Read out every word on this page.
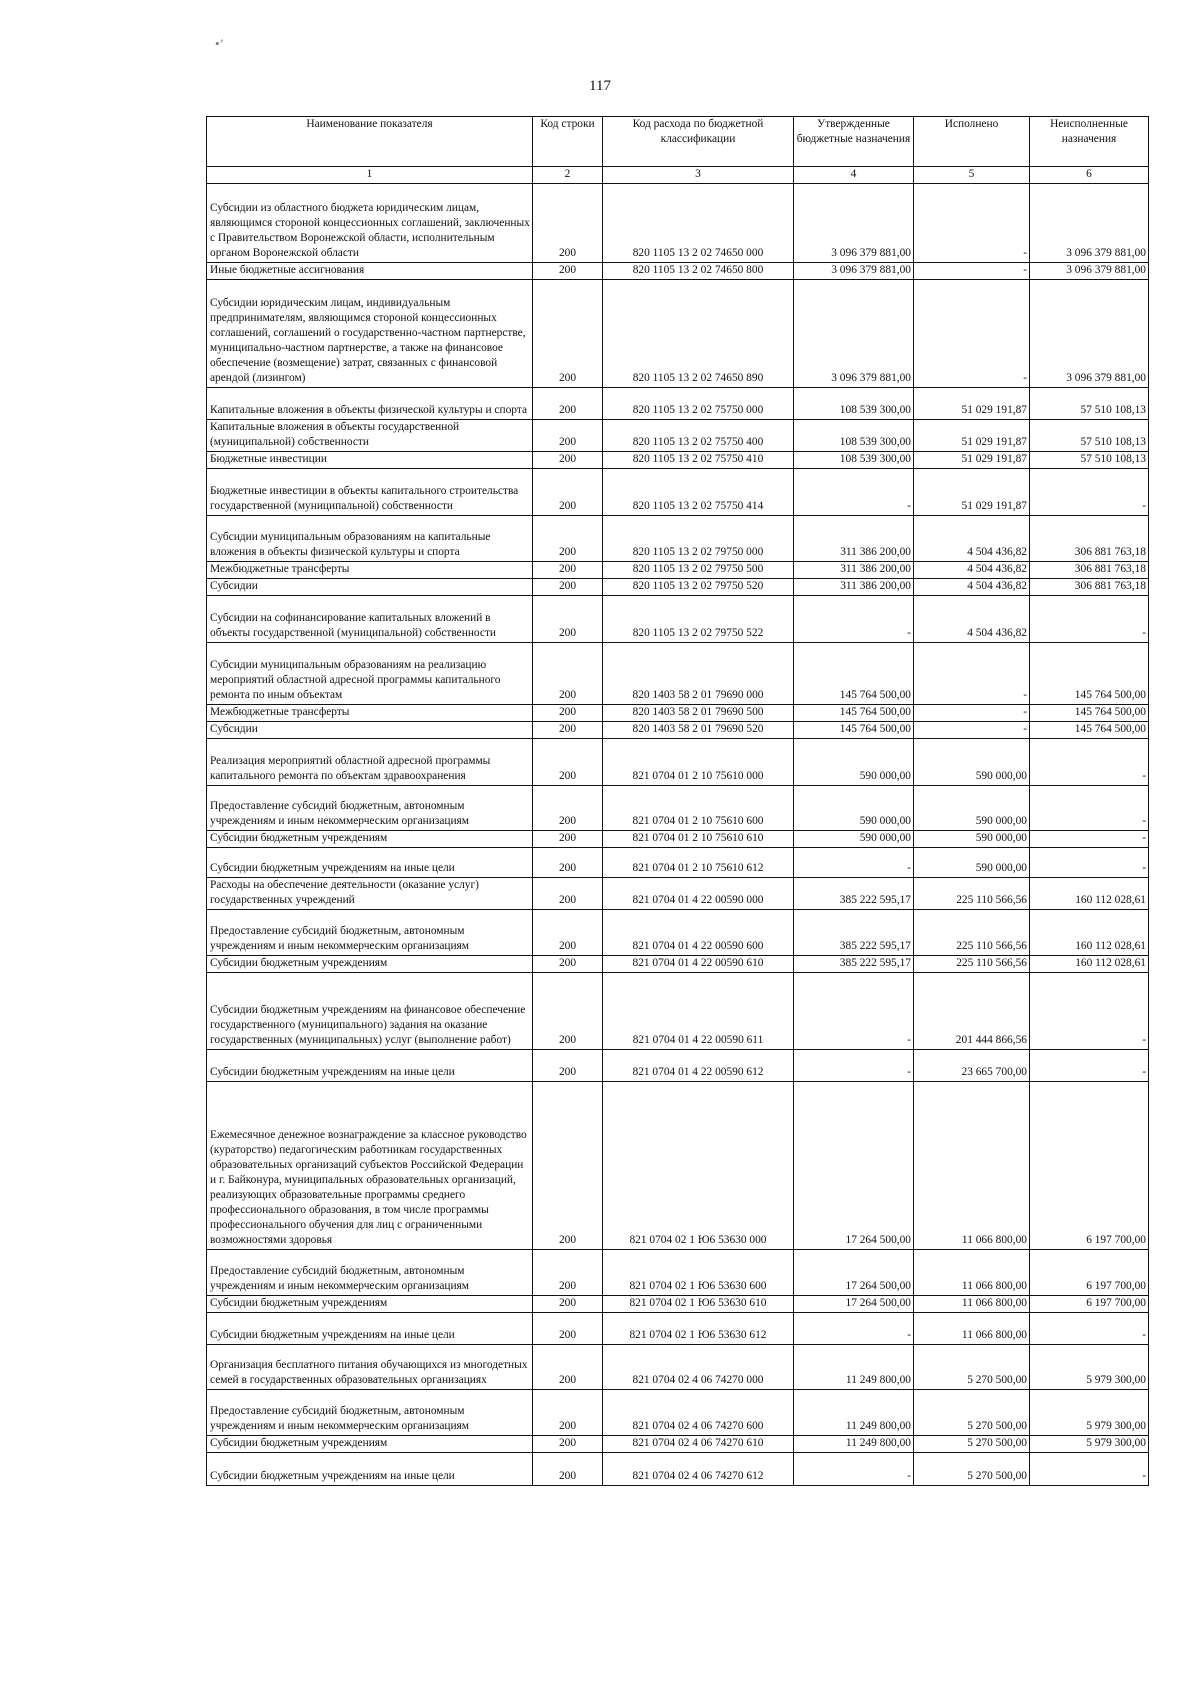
•’
117
Наименование показателя	Код строки	Код расхода по бюджетной классификации	Утвержденные бюджетные назначения	Исполнено	Неисполненные назначения
1	2	3	4	5	6
Субсидии из областного бюджета юридическим лицам, являющимся стороной концессионных соглашений, заключенных с Правительством Воронежской области, исполнительным органом Воронежской области	200	820 1105 13 2 02 74650 000	3 096 379 881,00	-	3 096 379 881,00
Иные бюджетные ассигнования	200	820 1105 13 2 02 74650 800	3 096 379 881,00	-	3 096 379 881,00
Субсидии юридическим лицам, индивидуальным предпринимателям, являющимся стороной концессионных соглашений, соглашений о государственно-частном партнерстве, муниципально-частном партнерстве, а также на финансовое обеспечение (возмещение) затрат, связанных с финансовой арендой (лизингом)	200	820 1105 13 2 02 74650 890	3 096 379 881,00	-	3 096 379 881,00
Капитальные вложения в объекты физической культуры и спорта	200	820 1105 13 2 02 75750 000	108 539 300,00	51 029 191,87	57 510 108,13
Капитальные вложения в объекты государственной (муниципальной) собственности	200	820 1105 13 2 02 75750 400	108 539 300,00	51 029 191,87	57 510 108,13
Бюджетные инвестиции	200	820 1105 13 2 02 75750 410	108 539 300,00	51 029 191,87	57 510 108,13
Бюджетные инвестиции в объекты капитального строительства государственной (муниципальной) собственности	200	820 1105 13 2 02 75750 414	-	51 029 191,87	-
Субсидии муниципальным образованиям на капитальные вложения в объекты физической культуры и спорта	200	820 1105 13 2 02 79750 000	311 386 200,00	4 504 436,82	306 881 763,18
Межбюджетные трансферты	200	820 1105 13 2 02 79750 500	311 386 200,00	4 504 436,82	306 881 763,18
Субсидии	200	820 1105 13 2 02 79750 520	311 386 200,00	4 504 436,82	306 881 763,18
Субсидии на софинансирование капитальных вложений в объекты государственной (муниципальной) собственности	200	820 1105 13 2 02 79750 522	-	4 504 436,82	-
Субсидии муниципальным образованиям на реализацию мероприятий областной адресной программы капитального ремонта по иным объектам	200	820 1403 58 2 01 79690 000	145 764 500,00	-	145 764 500,00
Межбюджетные трансферты	200	820 1403 58 2 01 79690 500	145 764 500,00	-	145 764 500,00
Субсидии	200	820 1403 58 2 01 79690 520	145 764 500,00	-	145 764 500,00
Реализация мероприятий областной адресной программы капитального ремонта по объектам здравоохранения	200	821 0704 01 2 10 75610 000	590 000,00	590 000,00	-
Предоставление субсидий бюджетным, автономным учреждениям и иным некоммерческим организациям	200	821 0704 01 2 10 75610 600	590 000,00	590 000,00	-
Субсидии бюджетным учреждениям	200	821 0704 01 2 10 75610 610	590 000,00	590 000,00	-
Субсидии бюджетным учреждениям на иные цели	200	821 0704 01 2 10 75610 612	-	590 000,00	-
Расходы на обеспечение деятельности (оказание услуг) государственных учреждений	200	821 0704 01 4 22 00590 000	385 222 595,17	225 110 566,56	160 112 028,61
Предоставление субсидий бюджетным, автономным учреждениям и иным некоммерческим организациям	200	821 0704 01 4 22 00590 600	385 222 595,17	225 110 566,56	160 112 028,61
Субсидии бюджетным учреждениям	200	821 0704 01 4 22 00590 610	385 222 595,17	225 110 566,56	160 112 028,61
Субсидии бюджетным учреждениям на финансовое обеспечение государственного (муниципального) задания на оказание государственных (муниципальных) услуг (выполнение работ)	200	821 0704 01 4 22 00590 611	-	201 444 866,56	-
Субсидии бюджетным учреждениям на иные цели	200	821 0704 01 4 22 00590 612	-	23 665 700,00	-
Ежемесячное денежное вознаграждение за классное руководство (кураторство) педагогическим работникам государственных образовательных организаций субъектов Российской Федерации и г. Байконура, муниципальных образовательных организаций, реализующих образовательные программы среднего профессионального образования, в том числе программы профессионального обучения для лиц с ограниченными возможностями здоровья	200	821 0704 02 1 Ю6 53630 000	17 264 500,00	11 066 800,00	6 197 700,00
Предоставление субсидий бюджетным, автономным учреждениям и иным некоммерческим организациям	200	821 0704 02 1 Ю6 53630 600	17 264 500,00	11 066 800,00	6 197 700,00
Субсидии бюджетным учреждениям	200	821 0704 02 1 Ю6 53630 610	17 264 500,00	11 066 800,00	6 197 700,00
Субсидии бюджетным учреждениям на иные цели	200	821 0704 02 1 Ю6 53630 612	-	11 066 800,00	-
Организация бесплатного питания обучающихся из многодетных семей в государственных образовательных организациях	200	821 0704 02 4 06 74270 000	11 249 800,00	5 270 500,00	5 979 300,00
Предоставление субсидий бюджетным, автономным учреждениям и иным некоммерческим организациям	200	821 0704 02 4 06 74270 600	11 249 800,00	5 270 500,00	5 979 300,00
Субсидии бюджетным учреждениям	200	821 0704 02 4 06 74270 610	11 249 800,00	5 270 500,00	5 979 300,00
Субсидии бюджетным учреждениям на иные цели	200	821 0704 02 4 06 74270 612	-	5 270 500,00	-
